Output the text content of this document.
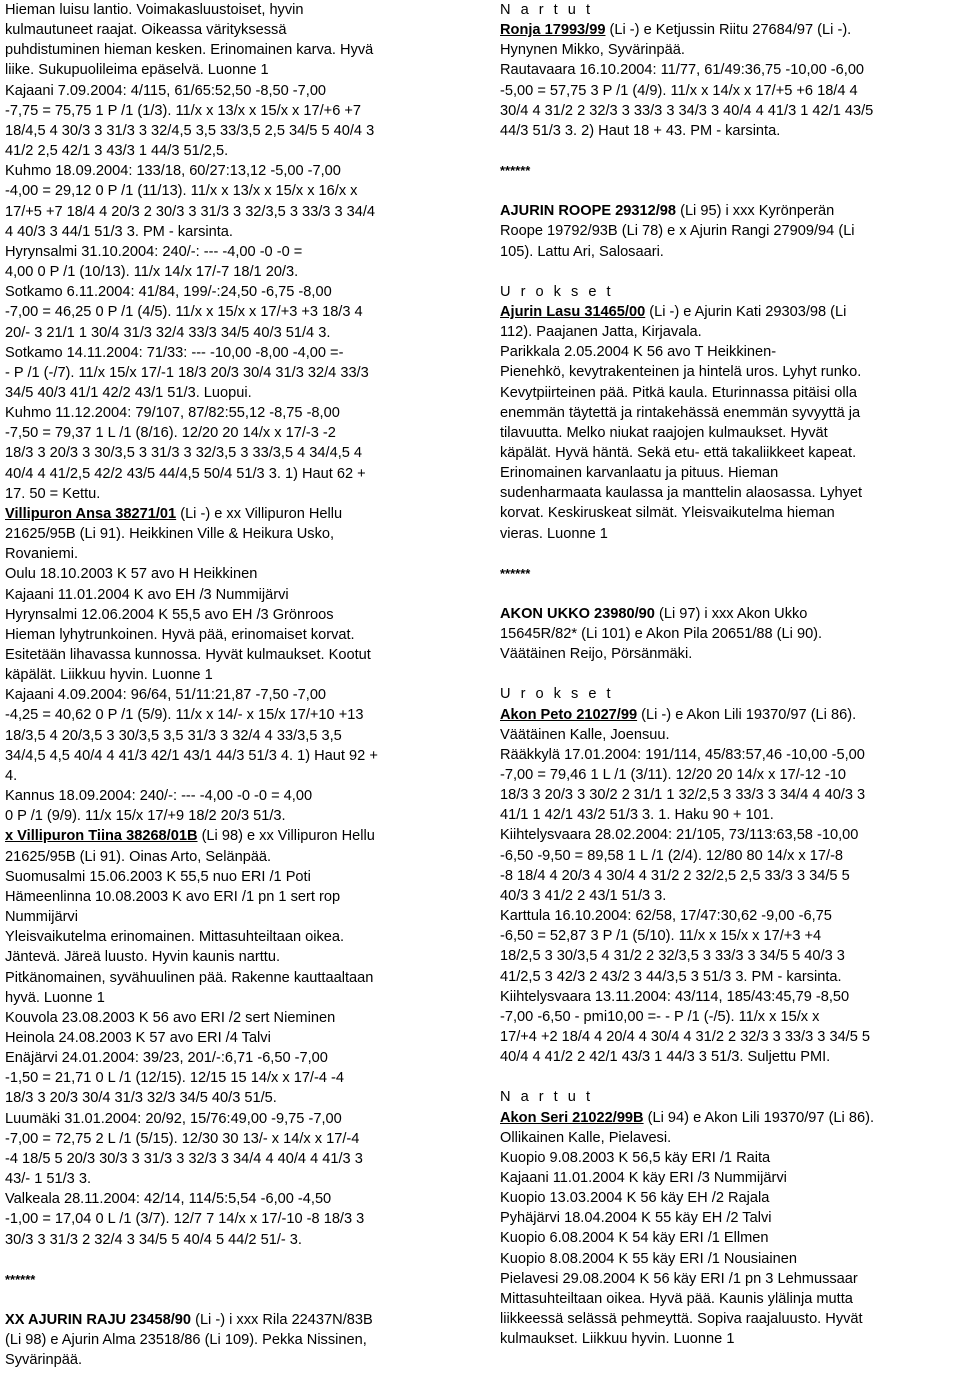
Hieman luisu lantio. Voimakasluustoiset, hyvin
kulmautuneet raajat. Oikeassa värityksessä
puhdistuminen hieman kesken. Erinomainen karva. Hyvä
liike. Sukupuolileima epäselvä. Luonne 1
Kajaani 7.09.2004: 4/115, 61/65:52,50 -8,50 -7,00
-7,75 = 75,75 1 P /1 (1/3). 11/x x 13/x x 15/x x 17/+6 +7
18/4,5 4 30/3 3 31/3 3 32/4,5 3,5 33/3,5 2,5 34/5 5 40/4 3
41/2 2,5 42/1 3 43/3 1 44/3 51/2,5.
Kuhmo 18.09.2004: 133/18, 60/27:13,12 -5,00 -7,00
-4,00 = 29,12 0 P /1 (11/13). 11/x x 13/x x 15/x x 16/x x
17/+5 +7 18/4 4 20/3 2 30/3 3 31/3 3 32/3,5 3 33/3 3 34/4
4 40/3 3 44/1 51/3 3. PM - karsinta.
Hyrynsalmi 31.10.2004: 240/-: --- -4,00 -0 -0 =
4,00 0 P /1 (10/13). 11/x 14/x 17/-7 18/1 20/3.
Sotkamo 6.11.2004: 41/84, 199/-:24,50 -6,75 -8,00
-7,00 = 46,25 0 P /1 (4/5). 11/x x 15/x x 17/+3 +3 18/3 4
20/- 3 21/1 1 30/4 31/3 32/4 33/3 34/5 40/3 51/4 3.
Sotkamo 14.11.2004: 71/33: --- -10,00 -8,00 -4,00 =-
- P /1 (-/7). 11/x 15/x 17/-1 18/3 20/3 30/4 31/3 32/4 33/3
34/5 40/3 41/1 42/2 43/1 51/3. Luopui.
Kuhmo 11.12.2004: 79/107, 87/82:55,12 -8,75 -8,00
-7,50 = 79,37 1 L /1 (8/16). 12/20 20 14/x x 17/-3 -2
18/3 3 20/3 3 30/3,5 3 31/3 3 32/3,5 3 33/3,5 4 34/4,5 4
40/4 4 41/2,5 42/2 43/5 44/4,5 50/4 51/3 3. 1) Haut 62 +
17. 50 = Kettu.
Villipuron Ansa 38271/01 (Li -) e xx Villipuron Hellu
21625/95B (Li 91). Heikkinen Ville & Heikura Usko,
Rovaniemi.
Oulu 18.10.2003 K 57 avo H Heikkinen
Kajaani 11.01.2004 K avo EH /3 Nummijärvi
Hyrynsalmi 12.06.2004 K 55,5 avo EH /3 Grönroos
Hieman lyhytrunkoinen. Hyvä pää, erinomaiset korvat.
Esitetään lihavassa kunnossa. Hyvät kulmaukset. Kootut
käpälät. Liikkuu hyvin. Luonne 1
Kajaani 4.09.2004: 96/64, 51/11:21,87 -7,50 -7,00
-4,25 = 40,62 0 P /1 (5/9). 11/x x 14/- x 15/x 17/+10 +13
18/3,5 4 20/3,5 3 30/3,5 3,5 31/3 3 32/4 4 33/3,5 3,5
34/4,5 4,5 40/4 4 41/3 42/1 43/1 44/3 51/3 4. 1) Haut 92 +
4.
Kannus 18.09.2004: 240/-: --- -4,00 -0 -0 = 4,00
0 P /1 (9/9). 11/x 15/x 17/+9 18/2 20/3 51/3.
x Villipuron Tiina 38268/01B (Li 98) e xx Villipuron Hellu
21625/95B (Li 91). Oinas Arto, Selänpää.
Suomusalmi 15.06.2003 K 55,5 nuo ERI /1 Poti
Hämeenlinna 10.08.2003 K avo ERI /1 pn 1 sert rop
Nummijärvi
Yleisvaikutelma erinomainen. Mittasuhteiltaan oikea.
Jäntevä. Järeä luusto. Hyvin kaunis narttu.
Pitkänomainen, syvähuulinen pää. Rakenne kauttaaltaan
hyvä. Luonne 1
Kouvola 23.08.2003 K 56 avo ERI /2 sert Nieminen
Heinola 24.08.2003 K 57 avo ERI /4 Talvi
Enäjärvi 24.01.2004: 39/23, 201/-:6,71 -6,50 -7,00
-1,50 = 21,71 0 L /1 (12/15). 12/15 15 14/x x 17/-4 -4
18/3 3 20/3 30/4 31/3 32/3 34/5 40/3 51/5.
Luumäki 31.01.2004: 20/92, 15/76:49,00 -9,75 -7,00
-7,00 = 72,75 2 L /1 (5/15). 12/30 30 13/- x 14/x x 17/-4
-4 18/5 5 20/3 30/3 3 31/3 3 32/3 3 34/4 4 40/4 4 41/3 3
43/- 1 51/3 3.
Valkeala 28.11.2004: 42/14, 114/5:5,54 -6,00 -4,50
-1,00 = 17,04 0 L /1 (3/7). 12/7 7 14/x x 17/-10 -8 18/3 3
30/3 3 31/3 2 32/4 3 34/5 5 40/4 5 44/2 51/- 3.
******
XX AJURIN RAJU 23458/90 (Li -) i xxx Rila 22437N/83B
(Li 98) e Ajurin Alma 23518/86 (Li 109). Pekka Nissinen,
Syvärinpää.
N a r t u t
Ronja 17993/99 (Li -) e Ketjussin Riitu 27684/97 (Li -).
Hynynen Mikko, Syvärinpää.
Rautavaara 16.10.2004: 11/77, 61/49:36,75 -10,00 -6,00
-5,00 = 57,75 3 P /1 (4/9). 11/x x 14/x x 17/+5 +6 18/4 4
30/4 4 31/2 2 32/3 3 33/3 3 34/3 3 40/4 4 41/3 1 42/1 43/5
44/3 51/3 3. 2) Haut 18 + 43. PM - karsinta.
******
AJURIN ROOPE 29312/98 (Li 95) i xxx Kyrönperän
Roope 19792/93B (Li 78) e x Ajurin Rangi 27909/94 (Li
105). Lattu Ari, Salosaari.
U r o k s e t
Ajurin Lasu 31465/00 (Li -) e Ajurin Kati 29303/98 (Li
112). Paajanen Jatta, Kirjavala.
Parikkala 2.05.2004 K 56 avo T Heikkinen-
Pienehkö, kevytrakenteinen ja hintelä uros. Lyhyt runko.
Kevytpiirteinen pää. Pitkä kaula. Eturinnassa pitäisi olla
enemmän täytettä ja rintakehässä enemmän syvyyttä ja
tilavuutta. Melko niukat raajojen kulmaukset. Hyvät
käpälät. Hyvä häntä. Sekä etu- että takaliikkeet kapeat.
Erinomainen karvanlaatu ja pituus. Hieman
sudenharmaata kaulassa ja manttelin alaosassa. Lyhyet
korvat. Keskiruskeat silmät. Yleisvaikutelma hieman
vieras. Luonne 1
******
AKON UKKO 23980/90 (Li 97) i xxx Akon Ukko
15645R/82* (Li 101) e Akon Pila 20651/88 (Li 90).
Väätäinen Reijo, Pörsänmäki.
U r o k s e t
Akon Peto 21027/99 (Li -) e Akon Lili 19370/97 (Li 86).
Väätäinen Kalle, Joensuu.
Rääkkylä 17.01.2004: 191/114, 45/83:57,46 -10,00 -5,00
-7,00 = 79,46 1 L /1 (3/11). 12/20 20 14/x x 17/-12 -10
18/3 3 20/3 3 30/2 2 31/1 1 32/2,5 3 33/3 3 34/4 4 40/3 3
41/1 1 42/1 43/2 51/3 3. 1. Haku 90 + 101.
Kiihtelysvaara 28.02.2004: 21/105, 73/113:63,58 -10,00
-6,50 -9,50 = 89,58 1 L /1 (2/4). 12/80 80 14/x x 17/-8
-8 18/4 4 20/3 4 30/4 4 31/2 2 32/2,5 2,5 33/3 3 34/5 5
40/3 3 41/2 2 43/1 51/3 3.
Karttula 16.10.2004: 62/58, 17/47:30,62 -9,00 -6,75
-6,50 = 52,87 3 P /1 (5/10). 11/x x 15/x x 17/+3 +4
18/2,5 3 30/3,5 4 31/2 2 32/3,5 3 33/3 3 34/5 5 40/3 3
41/2,5 3 42/3 2 43/2 3 44/3,5 3 51/3 3. PM - karsinta.
Kiihtelysvaara 13.11.2004: 43/114, 185/43:45,79 -8,50
-7,00 -6,50 - pmi10,00 =- - P /1 (-/5). 11/x x 15/x x
17/+4 +2 18/4 4 20/4 4 30/4 4 31/2 2 32/3 3 33/3 3 34/5 5
40/4 4 41/2 2 42/1 43/3 1 44/3 3 51/3. Suljettu PMI.
N a r t u t
Akon Seri 21022/99B (Li 94) e Akon Lili 19370/97 (Li 86).
Ollikainen Kalle, Pielavesi.
Kuopio 9.08.2003 K 56,5 käy ERI /1 Raita
Kajaani 11.01.2004 K käy ERI /3 Nummijärvi
Kuopio 13.03.2004 K 56 käy EH /2 Rajala
Pyhäjärvi 18.04.2004 K 55 käy EH /2 Talvi
Kuopio 6.08.2004 K 54 käy ERI /1 Ellmen
Kuopio 8.08.2004 K 55 käy ERI /1 Nousiainen
Pielavesi 29.08.2004 K 56 käy ERI /1 pn 3 Lehmussaar
Mittasuhteiltaan oikea. Hyvä pää. Kaunis ylälinja mutta
liikkeessä selässä pehmeyttä. Sopiva raajaluusto. Hyvät
kulmaukset. Liikkuu hyvin. Luonne 1
